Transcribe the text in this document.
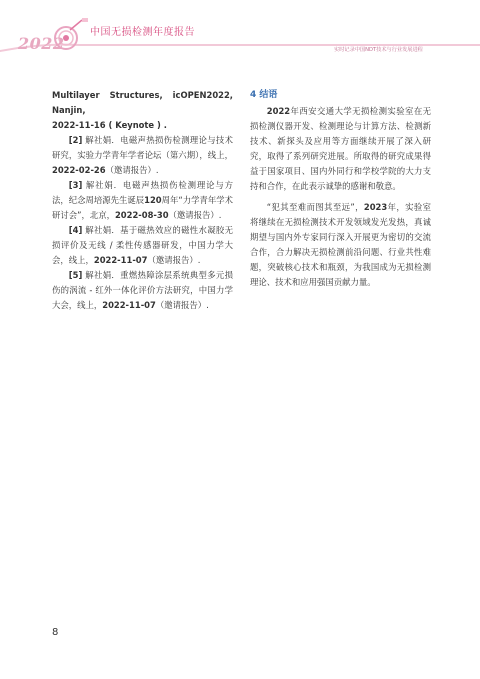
2022
中国无损检测年度报告
实时记录中国NDT技术与行业发展进程
Multilayer Structures, icOPEN2022, Nanjin,
2022-11-16 ( Keynote ) .
[2] 解社娟．电磁声热损伤检测理论与技术研究，实验力学青年学者论坛（第六期），线上，2022-02-26（邀请报告）.
[3] 解社娟．电磁声热损伤检测理论与方法，纪念周培源先生诞辰120周年“力学青年学术研讨会”，北京，2022-08-30（邀请报告）.
[4] 解社娟．基于磁热效应的磁性水凝胶无损评价及无线 / 柔性传感器研发，中国力学大会，线上，2022-11-07（邀请报告）.
[5] 解社娟．重燃热障涂层系统典型多元损伤的涡流 - 红外一体化评价方法研究，中国力学大会，线上，2022-11-07（邀请报告）.
4 结语
2022年西安交通大学无损检测实验室在无损检测仪器开发、检测理论与计算方法、检测新技术、新探头及应用等方面继续开展了深入研究，取得了系列研究进展。所取得的研究成果得益于国家项目、国内外同行和学校学院的大力支持和合作，在此表示诚挚的感谢和敬意。
“犯其至难而图其至远”，2023年，实验室将继续在无损检测技术开发领域发光发热，真诚期望与国内外专家同行深入开展更为密切的交流合作，合力解决无损检测前沿问题、行业共性难题，突破核心技术和瓶颈，为我国成为无损检测理论、技术和应用强国贡献力量。
8
